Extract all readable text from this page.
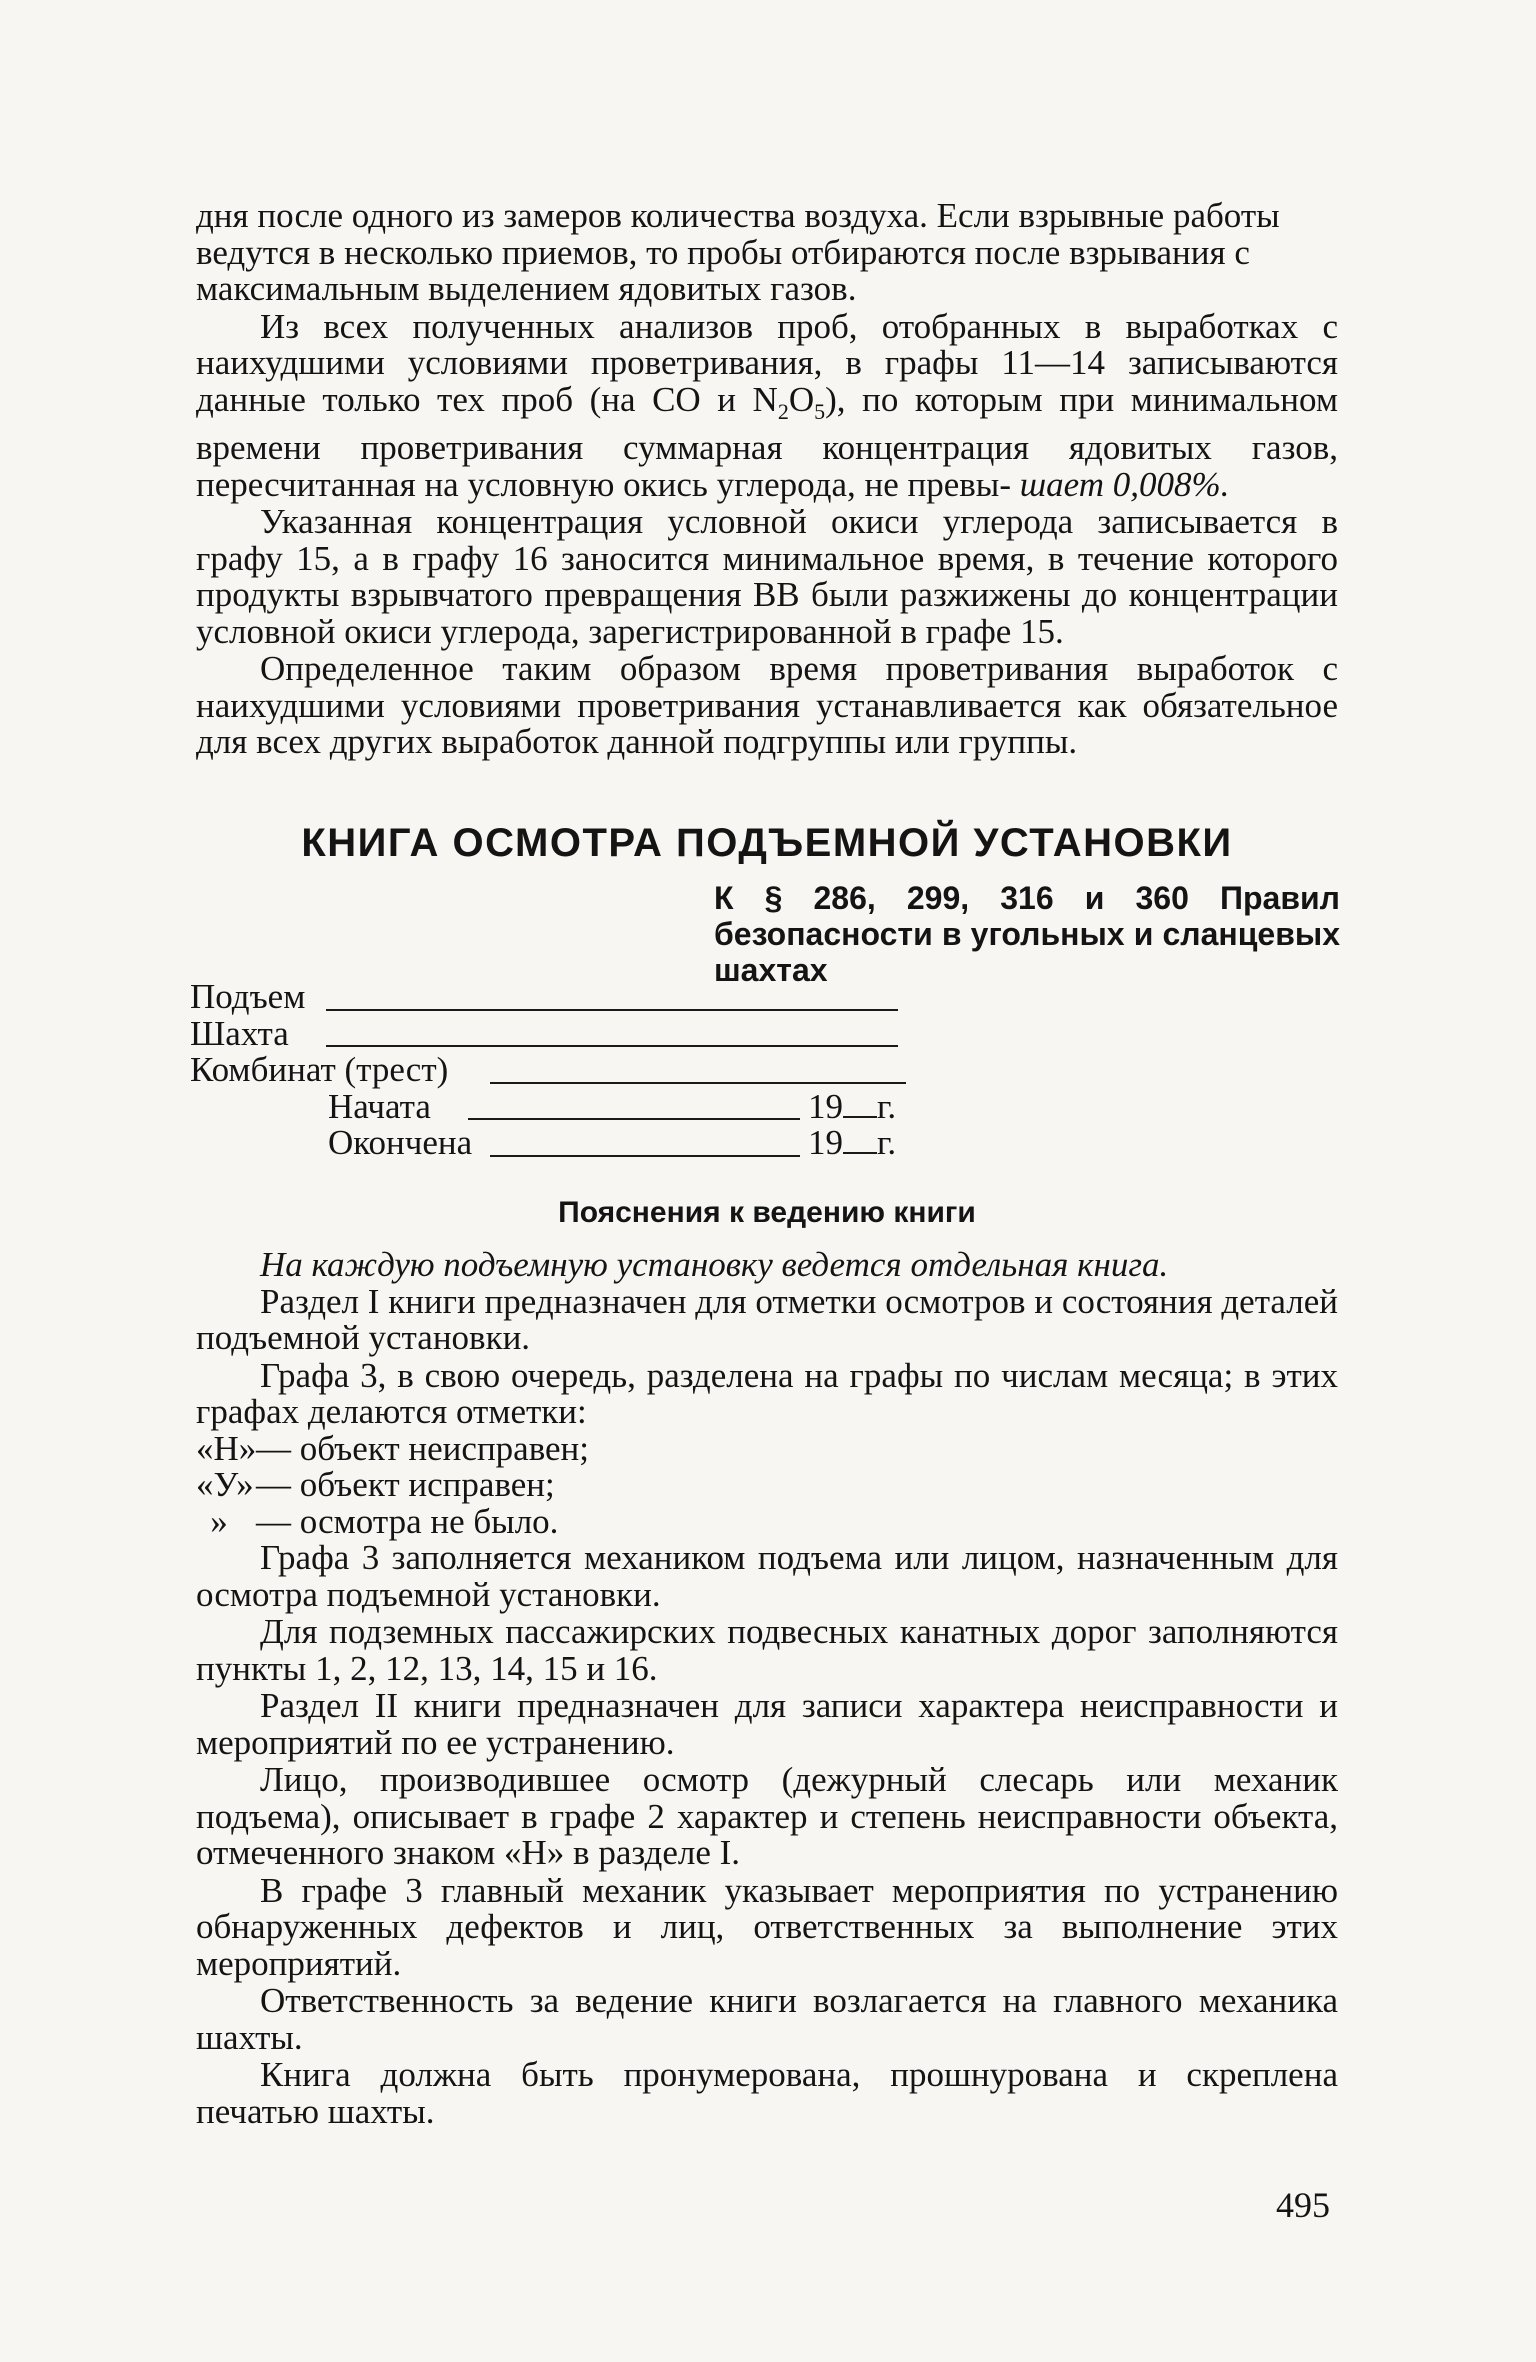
дня после одного из замеров количества воздуха. Если взрывные работы ведутся в несколько приемов, то пробы отбираются после взрывания с максимальным выделением ядовитых газов.

Из всех полученных анализов проб, отобранных в выработках с наихудшими условиями проветривания, в графы 11—14 записываются данные только тех проб (на CO и $N_2O_5$), по которым при минимальном времени проветривания суммарная концентрация ядовитых газов, пересчитанная на условную окись углерода, не превы- шает 0,008%.

Указанная концентрация условной окиси углерода записывается в графу 15, а в графу 16 заносится минимальное время, в течение которого продукты взрывчатого превращения ВВ были разжижены до концентрации условной окиси углерода, зарегистрированной в графе 15.

Определенное таким образом время проветривания выработок с наихудшими условиями проветривания устанавливается как обязательное для всех других выработок данной подгруппы или группы.

КНИГА ОСМОТРА ПОДЪЕМНОЙ УСТАНОВКИ
К § 286, 299, 316 и 360 Правил безопасности в угольных и сланцевых шахтах
Подъем
Шахта
Комбинат (трест)
Начата	19 г.
Окончена	19 г.
Пояснения к ведению книги

На каждую подъемную установку ведется отдельная книга.

Раздел I книги предназначен для отметки осмотров и состояния деталей подъемной установки.

Графа 3, в свою очередь, разделена на графы по числам месяца; в этих графах делаются отметки:

«Н»— объект неисправен;

«У»— объект исправен;

» — осмотра не было.

Графа 3 заполняется механиком подъема или лицом, назначенным для осмотра подъемной установки.

Для подземных пассажирских подвесных канатных дорог заполняются пункты 1, 2, 12, 13, 14, 15 и 16.

Раздел II книги предназначен для записи характера неисправности и мероприятий по ее устранению.

Лицо, производившее осмотр (дежурный слесарь или механик подъема), описывает в графе 2 характер и степень неисправности объекта, отмеченного знаком «Н» в разделе I.

В графе 3 главный механик указывает мероприятия по устранению обнаруженных дефектов и лиц, ответственных за выполнение этих мероприятий.

Ответственность за ведение книги возлагается на главного механика шахты.

Книга должна быть пронумерована, прошнурована и скреплена печатью шахты.

495
